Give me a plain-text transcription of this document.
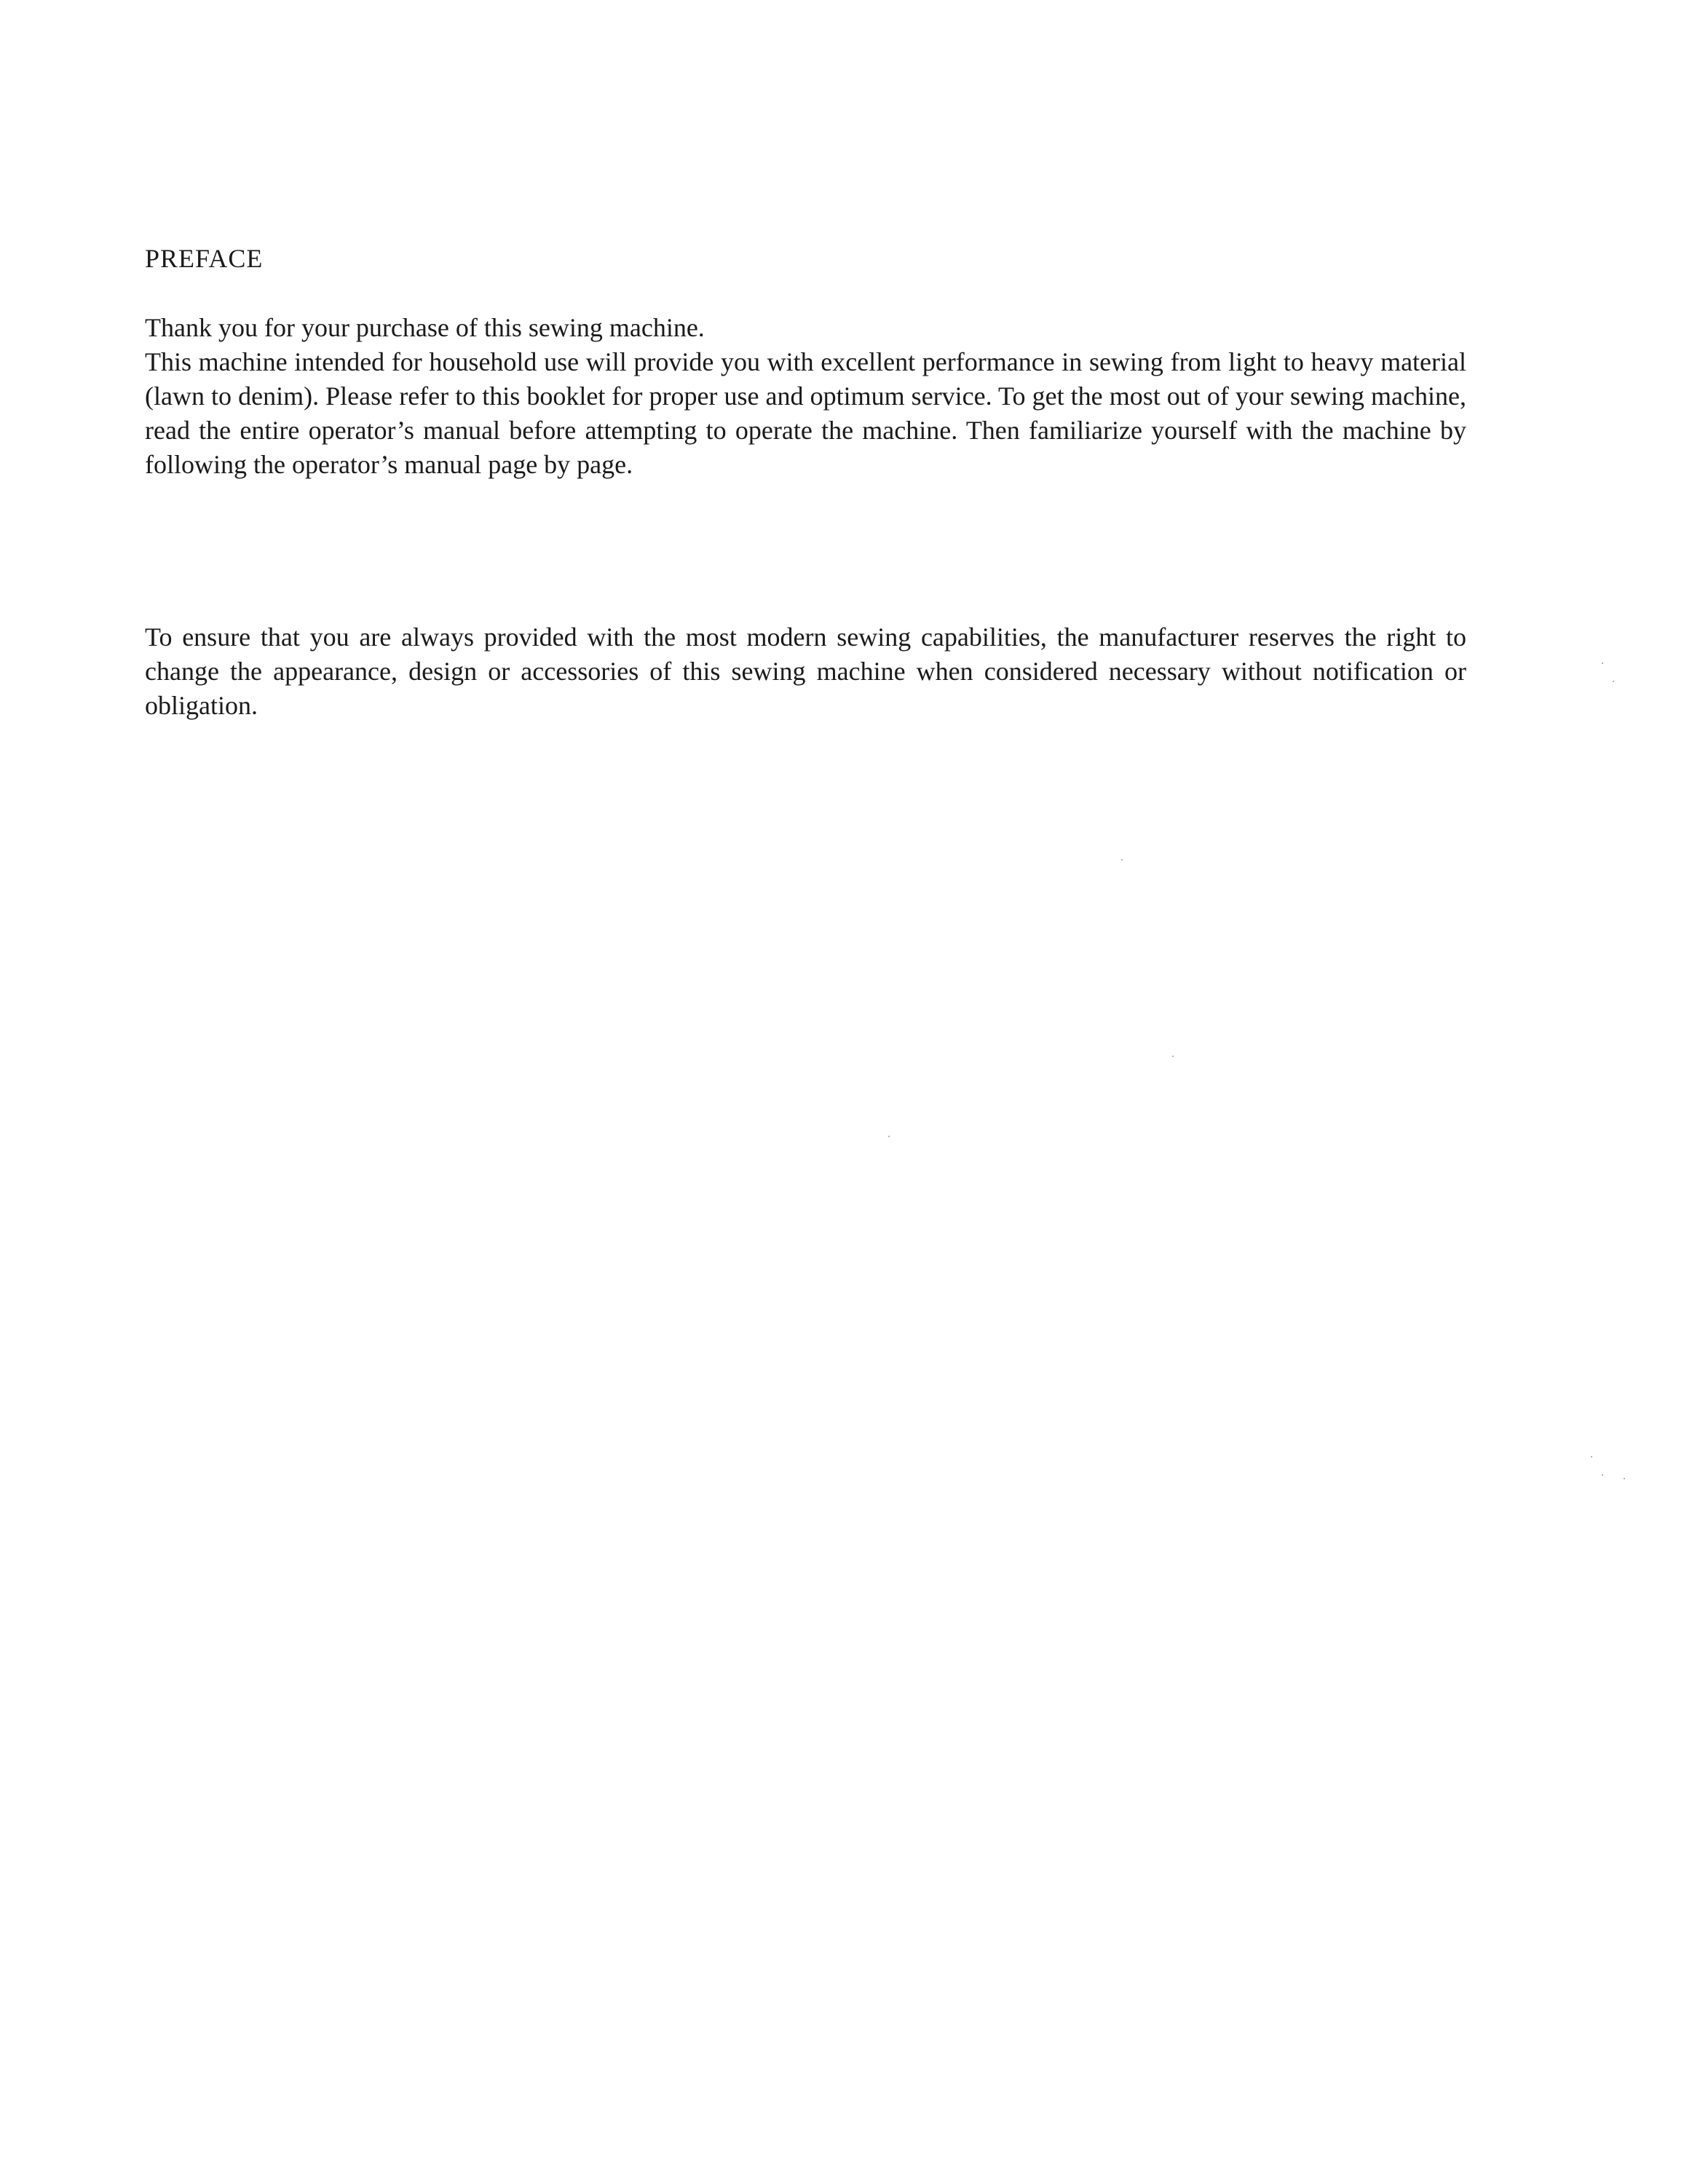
PREFACE

Thank you for your purchase of this sewing machine.

This machine intended for household use will provide you with excellent performance in sewing from light to heavy material (lawn to denim). Please refer to this booklet for proper use and optimum service. To get the most out of your sewing machine, read the entire operator’s manual before attempting to operate the machine. Then familiarize yourself with the machine by following the operator’s manual page by page.

To ensure that you are always provided with the most modern sewing capabilities, the manufacturer reserves the right to change the appearance, design or accessories of this sewing machine when considered necessary without notification or obligation.
